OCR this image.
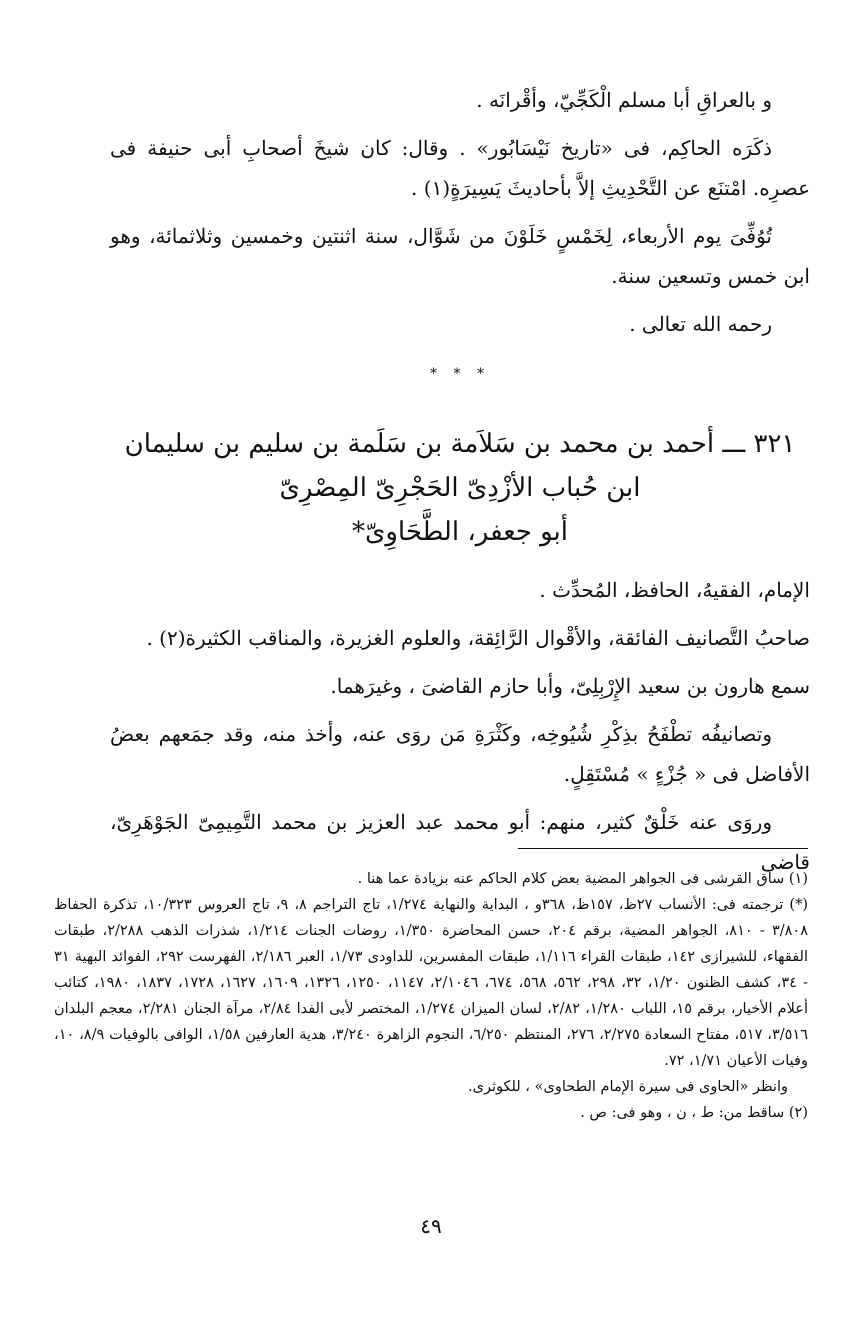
و بالعراقِ أبا مسلم الْكَجِّيّ، وأقْرانَه .

ذكَرَه الحاكِم، فى «تاريخ نَيْسَابُور» . وقال: كان شيخَ أصحابِ أبى حنيفة فى عصرِه. امْتنَع عن التَّحْدِيثِ إلاَّ بأحاديثَ يَسِيرَةٍ(١) .

تُوُفِّىَ يوم الأربعاء، لِخَمْسٍ خَلَوْنَ من شَوَّال، سنة اثنتين وخمسين وثلاثمائة، وهو ابن خمس وتسعين سنة.

رحمه الله تعالى .

* * *
٣٢١ ـــ أحمد بن محمد بن سَلاَمة بن سَلَمة بن سليم بن سليمان
ابن حُباب الأزْدِىّ الحَجْرِىّ المِصْرِىّ
أبو جعفر، الطَّحَاوِىّ*

الإمام، الفقيهُ، الحافظ، المُحدِّث .

صاحبُ التَّصانيف الفائقة، والأقْوال الرَّائِقة، والعلوم الغزيرة، والمناقب الكثيرة(٢) .

سمع هارون بن سعيد الإِرْبِلِىّ، وأبا حازم القاضىَ ، وغيرَهما.

وتصانيفُه تطْفَحُ بذِكْرِ شُيُوخِه، وكَثْرَةِ مَن روَى عنه، وأخذ منه، وقد جمَعهم بعضُ الأفاضل فى « جُزْءٍ » مُسْتَقِلٍ.

وروَى عنه خَلْقٌ كثير، منهم: أبو محمد عبد العزيز بن محمد التَّمِيمِىّ الجَوْهَرِىّ، قاضى

(١) ساق القرشى فى الجواهر المضية بعض كلام الحاكم عنه بزيادة عما هنا .

(*) ترجمته فى: الأنساب ٢٧ظ، ١٥٧ظ، ٣٦٨و ، البداية والنهاية ١/٢٧٤، تاج التراجم ٨، ٩، تاج العروس ١٠/٣٢٣، تذكرة الحفاظ ٣/٨٠٨ - ٨١٠، الجواهر المضية، برقم ٢٠٤، حسن المحاضرة ١/٣٥٠، روضات الجنات ١/٢١٤، شذرات الذهب ٢/٢٨٨، طبقات الفقهاء، للشيرازى ١٤٢، طبقات القراء ١/١١٦، طبقات المفسرين، للداودى ١/٧٣، العبر ٢/١٨٦، الفهرست ٢٩٢، الفوائد البهية ٣١ - ٣٤، كشف الظنون ١/٢٠، ٣٢، ٢٩٨، ٥٦٢، ٥٦٨، ٦٧٤، ٢/١٠٤٦، ١١٤٧، ١٢٥٠، ١٣٢٦، ١٦٠٩، ١٦٢٧، ١٧٢٨، ١٨٣٧، ١٩٨٠، كتائب أعلام الأخيار، برقم ١٥، اللباب ١/٢٨٠، ٢/٨٢، لسان الميزان ١/٢٧٤، المختصر لأبى الفدا ٢/٨٤، مرآة الجنان ٢/٢٨١، معجم البلدان ٣/٥١٦، ٥١٧، مفتاح السعادة ٢/٢٧٥، ٢٧٦، المنتظم ٦/٢٥٠، النجوم الزاهرة ٣/٢٤٠، هدية العارفين ١/٥٨، الوافى بالوفيات ٨/٩، ١٠، وفيات الأعيان ١/٧١، ٧٢.

وانظر «الحاوى فى سيرة الإمام الطحاوى» ، للكوثرى.

(٢) ساقط من: ط ، ن ، وهو فى: ص .

٤٩
